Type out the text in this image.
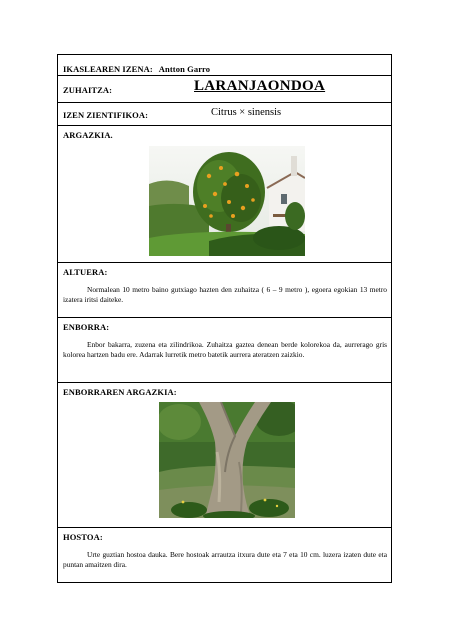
IKASLEAREN IZENA: Antton Garro
ZUHAITZA:	LARANJAONDOA
IZEN ZIENTIFIKOA:	Citrus × sinensis
ARGAZKIA.
ALTUERA:
Normalean 10 metro baino gutxiago hazten den zuhaitza ( 6 – 9 metro ), egoera egokian 13 metro izatera iritsi daiteke.
ENBORRA:
Enbor bakarra, zuzena eta zilindrikoa. Zuhaitza gaztea denean berde kolorekoa da, aurrerago gris kolorea hartzen badu ere. Adarrak lurretik metro batetik aurrera ateratzen zaizkio.
ENBORRAREN ARGAZKIA:
HOSTOA:
Urte guztian hostoa dauka. Bere hostoak arrautza itxura dute eta 7 eta 10 cm. luzera izaten dute eta puntan amaitzen dira.
